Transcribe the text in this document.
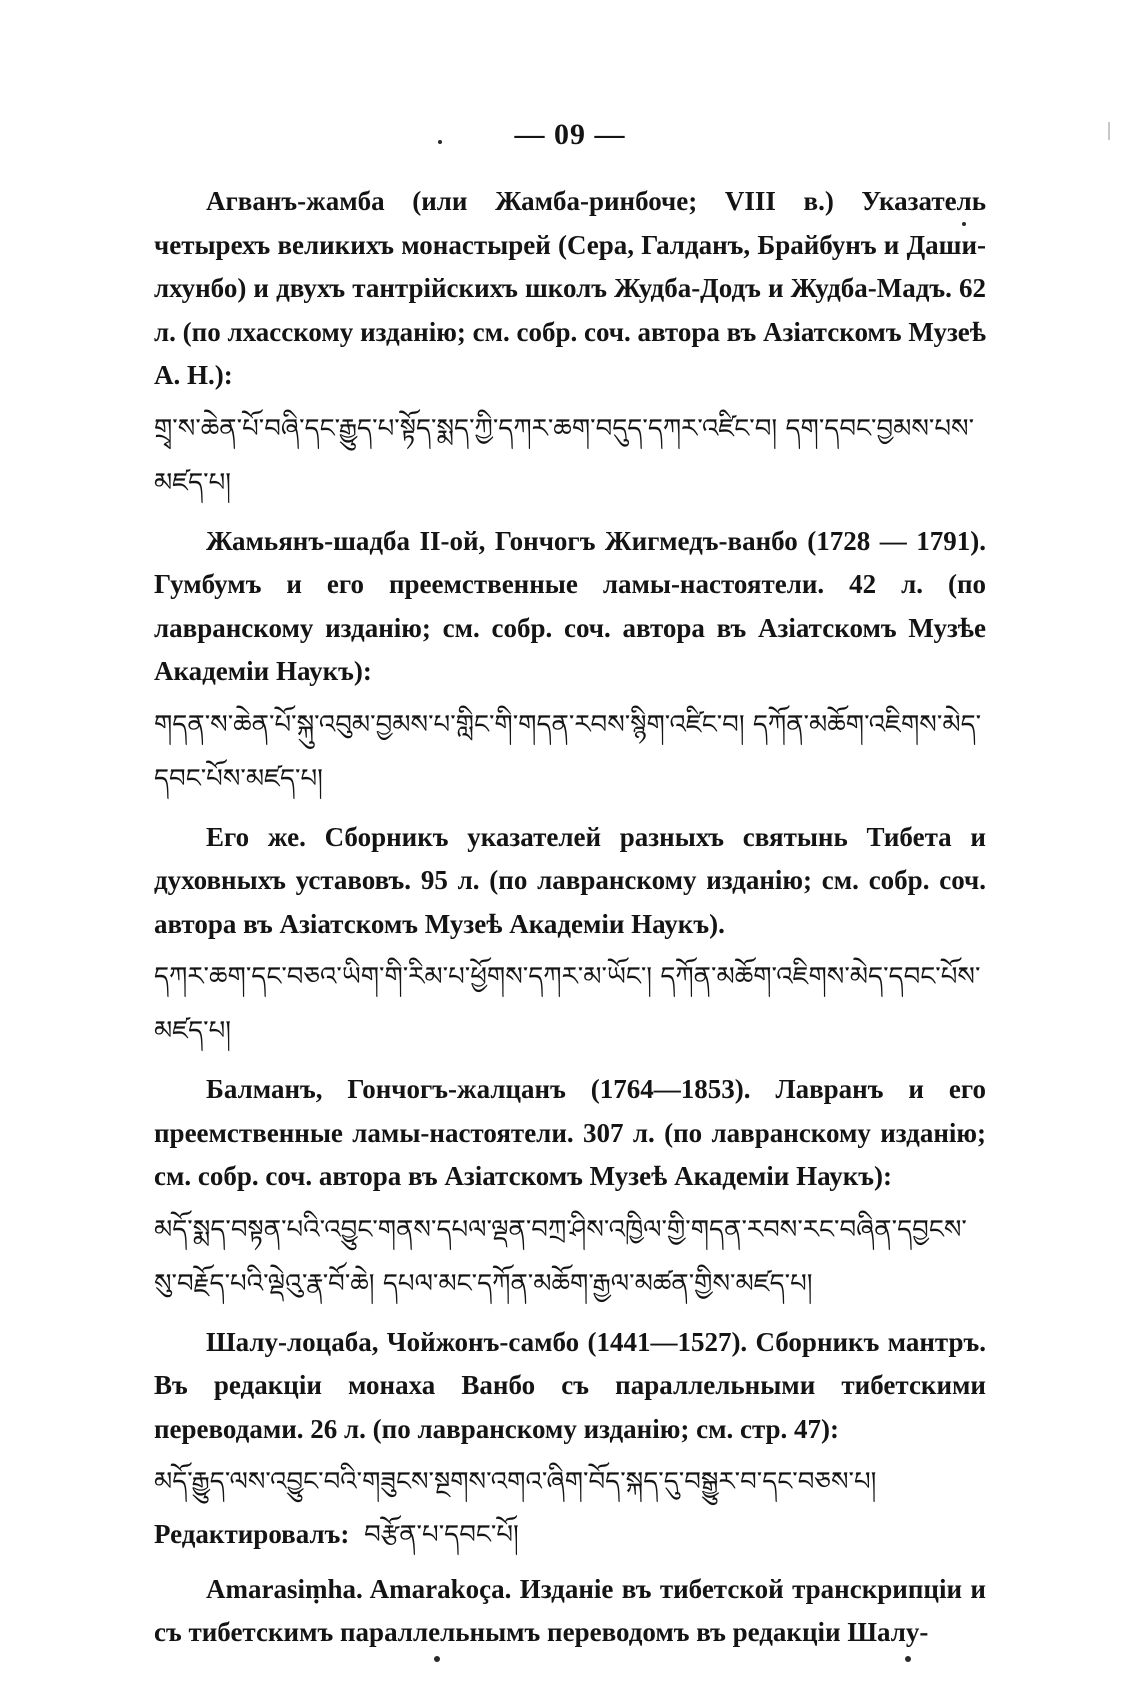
— 09 —

Агванъ-жамба (или Жамба-ринбоче; VIII в.) Указатель четырехъ великихъ монастырей (Сера, Галданъ, Брайбунъ и Даши-лхунбо) и двухъ тантрійскихъ школъ Жудба-Додъ и Жудба-Мадъ. 62 л. (по лхасскому изданію; см. собр. соч. автора въ Азіатскомъ Музеѣ А. Н.):

གྲྭ་ས་ཆེན་པོ་བཞི་དང་རྒྱུད་པ་སྟོད་སྨད་ཀྱི་དཀར་ཆག་བདུད་དཀར་འཛིང་བ། དག་དབང་བྱམས་པས་མཛད་པ།

Жамьянъ-шадба II-ой, Гончогъ Жигмедъ-ванбо (1728 — 1791). Гумбумъ и его преемственные ламы-настоятели. 42 л. (по лавранскому изданію; см. собр. соч. автора въ Азіатскомъ Музѣе Академіи Наукъ):

གདན་ས་ཆེན་པོ་སྐུ་འབུམ་བྱམས་པ་གླིང་གི་གདན་རབས་སྙིག་འཛིང་བ། དཀོན་མཆོག་འཇིགས་མེད་དབང་པོས་མཛད་པ།

Его же. Сборникъ указателей разныхъ святынь Тибета и духовныхъ уставовъ. 95 л. (по лавранскому изданію; см. собр. соч. автора въ Азіатскомъ Музеѣ Академіи Наукъ).

དཀར་ཆག་དང་བཅའ་ཡིག་གི་རིམ་པ་ཕྱོགས་དཀར་མ་ཡོང་། དཀོན་མཆོག་འཇིགས་མེད་དབང་པོས་མཛད་པ།

Балманъ, Гончогъ-жалцанъ (1764—1853). Лавранъ и его преемственные ламы-настоятели. 307 л. (по лавранскому изданію; см. собр. соч. автора въ Азіатскомъ Музеѣ Академіи Наукъ):

མདོ་སྨད་བསྟན་པའི་འབྱུང་གནས་དཔལ་ལྡན་བཀྲ་ཤིས་འཁྱིལ་གྱི་གདན་རབས་རང་བཞིན་དབྱངས་སུ་བརྗོད་པའི་ལྡེའུ་རྣ་བོ་ཆེ། དཔལ་མང་དཀོན་མཆོག་རྒྱལ་མཚན་གྱིས་མཛད་པ།

Шалу-лоцаба, Чойжонъ-самбо (1441—1527). Сборникъ мантръ. Въ редакціи монаха Ванбо съ параллельными тибетскими переводами. 26 л. (по лавранскому изданію; см. стр. 47):

མདོ་རྒྱུད་ལས་འབྱུང་བའི་གཟུངས་སྔགས་འགའ་ཞིག་བོད་སྐད་དུ་བསྒྱུར་བ་དང་བཅས་པ།

Редактировалъ: བརྩོན་པ་དབང་པོ།

Amarasiṃha. Amarakoça. Изданіе въ тибетской транскрипціи и съ тибетскимъ параллельнымъ переводомъ въ редакціи Шалу-
